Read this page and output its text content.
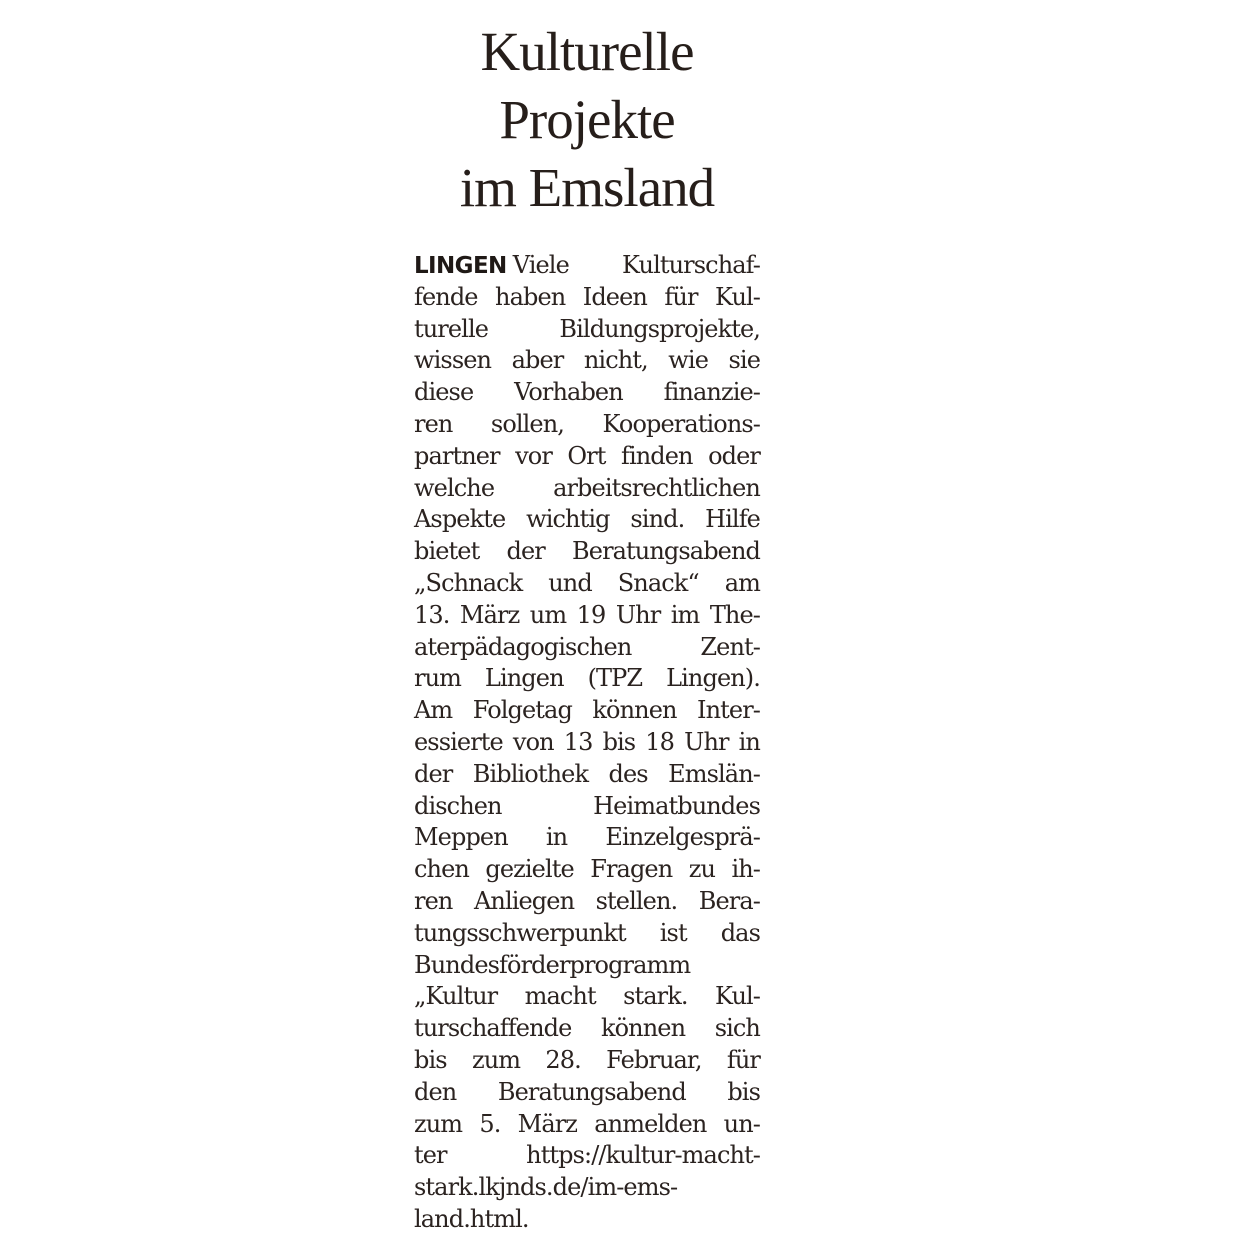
Kulturelle
Projekte
im Emsland
LINGEN Viele Kulturschaf-
fende haben Ideen für Kul-
turelle Bildungsprojekte,
wissen aber nicht, wie sie
diese Vorhaben finanzie-
ren sollen, Kooperations-
partner vor Ort finden oder
welche arbeitsrechtlichen
Aspekte wichtig sind. Hilfe
bietet der Beratungsabend
„Schnack und Snack“ am
13. März um 19 Uhr im The-
aterpädagogischen Zent-
rum Lingen (TPZ Lingen).
Am Folgetag können Inter-
essierte von 13 bis 18 Uhr in
der Bibliothek des Emslän-
dischen Heimatbundes
Meppen in Einzelgesprä-
chen gezielte Fragen zu ih-
ren Anliegen stellen. Bera-
tungsschwerpunkt ist das
Bundesförderprogramm
„Kultur macht stark. Kul-
turschaffende können sich
bis zum 28. Februar, für
den Beratungsabend bis
zum 5. März anmelden un-
ter https://kultur-macht-
stark.lkjnds.de/im-ems-
land.html.
